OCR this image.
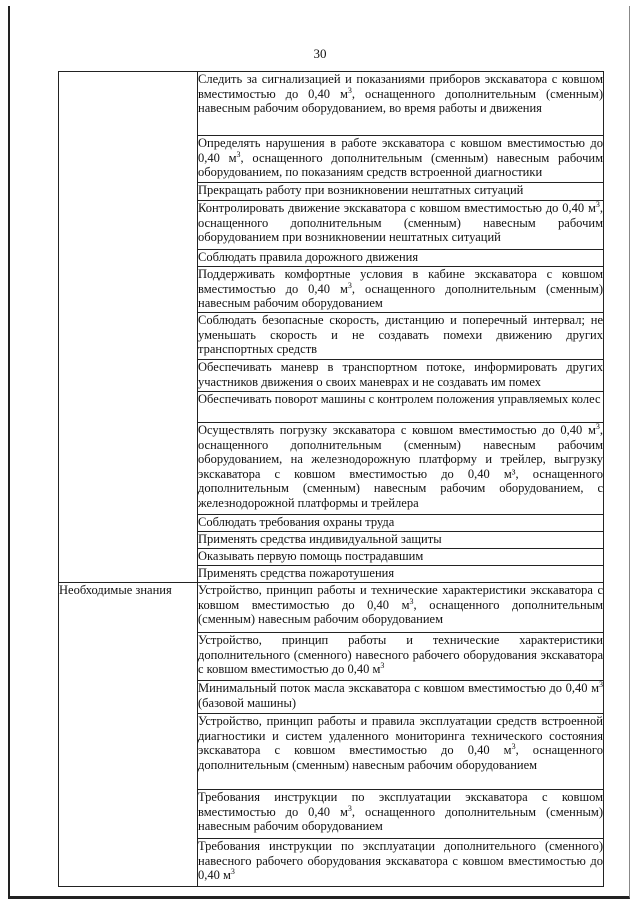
30
	Следить за сигнализацией и показаниями приборов экскаватора с ковшом вместимостью до 0,40 $м^3$, оснащенного дополнительным (сменным) навесным рабочим оборудованием, во время работы и движения
	Определять нарушения в работе экскаватора с ковшом вместимостью до 0,40 $м^3$, оснащенного дополнительным (сменным) навесным рабочим оборудованием, по показаниям средств встроенной диагностики
	Прекращать работу при возникновении нештатных ситуаций
	Контролировать движение экскаватора с ковшом вместимостью до 0,40 $м^3$, оснащенного дополнительным (сменным) навесным рабочим оборудованием при возникновении нештатных ситуаций
	Соблюдать правила дорожного движения
	Поддерживать комфортные условия в кабине экскаватора с ковшом вместимостью до 0,40 $м^3$, оснащенного дополнительным (сменным) навесным рабочим оборудованием
	Соблюдать безопасные скорость, дистанцию и поперечный интервал; не уменьшать скорость и не создавать помехи движению других транспортных средств
	Обеспечивать маневр в транспортном потоке, информировать других участников движения о своих маневрах и не создавать им помех
	Обеспечивать поворот машины с контролем положения управляемых колес
	Осуществлять погрузку экскаватора с ковшом вместимостью до 0,40 $м^3$, оснащенного дополнительным (сменным) навесным рабочим оборудованием, на железнодорожную платформу и трейлер, выгрузку экскаватора с ковшом вместимостью до 0,40 м³, оснащенного дополнительным (сменным) навесным рабочим оборудованием, с железнодорожной платформы и трейлера
	Соблюдать требования охраны труда
	Применять средства индивидуальной защиты
	Оказывать первую помощь пострадавшим
	Применять средства пожаротушения
Необходимые знания	Устройство, принцип работы и технические характеристики экскаватора с ковшом вместимостью до 0,40 $м^3$, оснащенного дополнительным (сменным) навесным рабочим оборудованием
	Устройство, принцип работы и технические характеристики дополнительного (сменного) навесного рабочего оборудования экскаватора с ковшом вместимостью до 0,40 $м^3$
	Минимальный поток масла экскаватора с ковшом вместимостью до 0,40 $м^3$ (базовой машины)
	Устройство, принцип работы и правила эксплуатации средств встроенной диагностики и систем удаленного мониторинга технического состояния экскаватора с ковшом вместимостью до 0,40 $м^3$, оснащенного дополнительным (сменным) навесным рабочим оборудованием
	Требования инструкции по эксплуатации экскаватора с ковшом вместимостью до 0,40 $м^3$, оснащенного дополнительным (сменным) навесным рабочим оборудованием
	Требования инструкции по эксплуатации дополнительного (сменного) навесного рабочего оборудования экскаватора с ковшом вместимостью до 0,40 $м^3$
